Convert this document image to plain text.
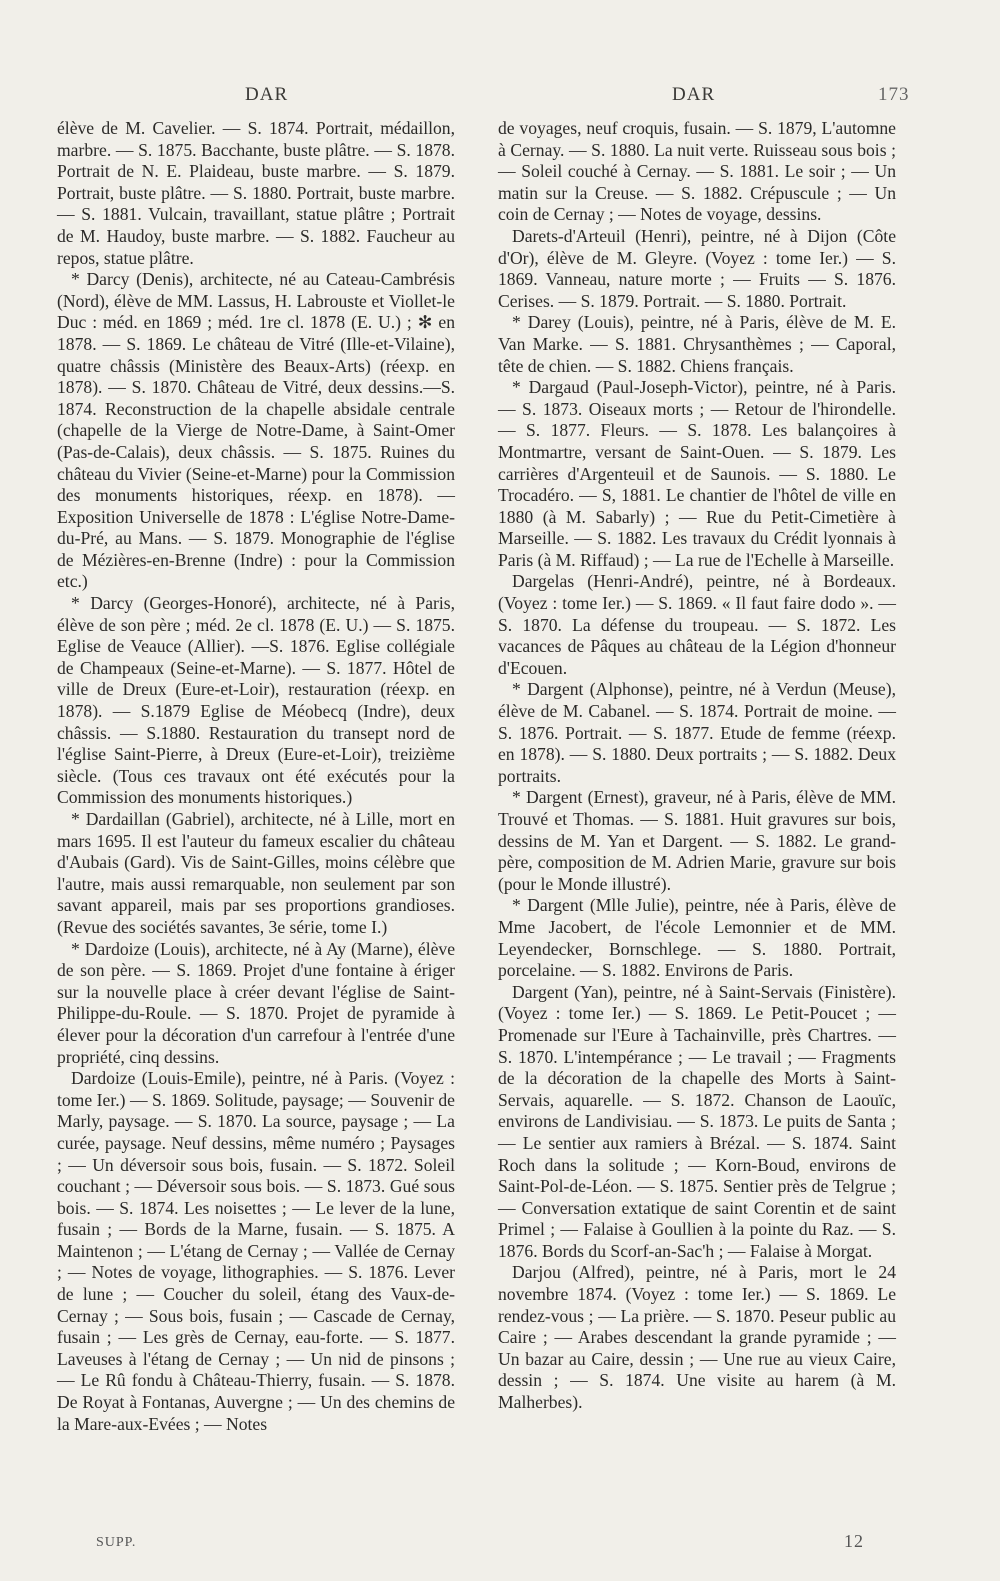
DAR	DAR	173

élève de M. Cavelier. — S. 1874. Portrait, médaillon, marbre. — S. 1875. Bacchante, buste plâtre. — S. 1878. Portrait de N. E. Plaideau, buste marbre. — S. 1879. Portrait, buste plâtre. — S. 1880. Portrait, buste marbre. — S. 1881. Vulcain, travaillant, statue plâtre ; Portrait de M. Haudoy, buste marbre. — S. 1882. Faucheur au repos, statue plâtre.

* Darcy (Denis), architecte, né au Cateau-Cambrésis (Nord), élève de MM. Lassus, H. Labrouste et Viollet-le Duc : méd. en 1869 ; méd. 1re cl. 1878 (E. U.) ; ✻ en 1878. — S. 1869. Le château de Vitré (Ille-et-Vilaine), quatre châssis (Ministère des Beaux-Arts) (réexp. en 1878). — S. 1870. Château de Vitré, deux dessins.—S. 1874. Reconstruction de la chapelle absidale centrale (chapelle de la Vierge de Notre-Dame, à Saint-Omer (Pas-de-Calais), deux châssis. — S. 1875. Ruines du château du Vivier (Seine-et-Marne) pour la Commission des monuments historiques, réexp. en 1878). — Exposition Universelle de 1878 : L'église Notre-Dame-du-Pré, au Mans. — S. 1879. Monographie de l'église de Mézières-en-Brenne (Indre) : pour la Commission etc.)

* Darcy (Georges-Honoré), architecte, né à Paris, élève de son père ; méd. 2e cl. 1878 (E. U.) — S. 1875. Eglise de Veauce (Allier). —S. 1876. Eglise collégiale de Champeaux (Seine-et-Marne). — S. 1877. Hôtel de ville de Dreux (Eure-et-Loir), restauration (réexp. en 1878). — S.1879 Eglise de Méobecq (Indre), deux châssis. — S.1880. Restauration du transept nord de l'église Saint-Pierre, à Dreux (Eure-et-Loir), treizième siècle. (Tous ces travaux ont été exécutés pour la Commission des monuments historiques.)

* Dardaillan (Gabriel), architecte, né à Lille, mort en mars 1695. Il est l'auteur du fameux escalier du château d'Aubais (Gard). Vis de Saint-Gilles, moins célèbre que l'autre, mais aussi remarquable, non seulement par son savant appareil, mais par ses proportions grandioses. (Revue des sociétés savantes, 3e série, tome I.)

* Dardoize (Louis), architecte, né à Ay (Marne), élève de son père. — S. 1869. Projet d'une fontaine à ériger sur la nouvelle place à créer devant l'église de Saint-Philippe-du-Roule. — S. 1870. Projet de pyramide à élever pour la décoration d'un carrefour à l'entrée d'une propriété, cinq dessins.

Dardoize (Louis-Emile), peintre, né à Paris. (Voyez : tome Ier.) — S. 1869. Solitude, paysage; — Souvenir de Marly, paysage. — S. 1870. La source, paysage ; — La curée, paysage. Neuf dessins, même numéro ; Paysages ; — Un déversoir sous bois, fusain. — S. 1872. Soleil couchant ; — Déversoir sous bois. — S. 1873. Gué sous bois. — S. 1874. Les noisettes ; — Le lever de la lune, fusain ; — Bords de la Marne, fusain. — S. 1875. A Maintenon ; — L'étang de Cernay ; — Vallée de Cernay ; — Notes de voyage, lithographies. — S. 1876. Lever de lune ; — Coucher du soleil, étang des Vaux-de-Cernay ; — Sous bois, fusain ; — Cascade de Cernay, fusain ; — Les grès de Cernay, eau-forte. — S. 1877. Laveuses à l'étang de Cernay ; — Un nid de pinsons ; — Le Rû fondu à Château-Thierry, fusain. — S. 1878. De Royat à Fontanas, Auvergne ; — Un des chemins de la Mare-aux-Evées ; — Notes

de voyages, neuf croquis, fusain. — S. 1879, L'automne à Cernay. — S. 1880. La nuit verte. Ruisseau sous bois ; — Soleil couché à Cernay. — S. 1881. Le soir ; — Un matin sur la Creuse. — S. 1882. Crépuscule ; — Un coin de Cernay ; — Notes de voyage, dessins.

Darets-d'Arteuil (Henri), peintre, né à Dijon (Côte d'Or), élève de M. Gleyre. (Voyez : tome Ier.) — S. 1869. Vanneau, nature morte ; — Fruits — S. 1876. Cerises. — S. 1879. Portrait. — S. 1880. Portrait.

* Darey (Louis), peintre, né à Paris, élève de M. E. Van Marke. — S. 1881. Chrysanthèmes ; — Caporal, tête de chien. — S. 1882. Chiens français.

* Dargaud (Paul-Joseph-Victor), peintre, né à Paris. — S. 1873. Oiseaux morts ; — Retour de l'hirondelle. — S. 1877. Fleurs. — S. 1878. Les balançoires à Montmartre, versant de Saint-Ouen. — S. 1879. Les carrières d'Argenteuil et de Saunois. — S. 1880. Le Trocadéro. — S, 1881. Le chantier de l'hôtel de ville en 1880 (à M. Sabarly) ; — Rue du Petit-Cimetière à Marseille. — S. 1882. Les travaux du Crédit lyonnais à Paris (à M. Riffaud) ; — La rue de l'Echelle à Marseille.

Dargelas (Henri-André), peintre, né à Bordeaux. (Voyez : tome Ier.) — S. 1869. « Il faut faire dodo ». — S. 1870. La défense du troupeau. — S. 1872. Les vacances de Pâques au château de la Légion d'honneur d'Ecouen.

* Dargent (Alphonse), peintre, né à Verdun (Meuse), élève de M. Cabanel. — S. 1874. Portrait de moine. — S. 1876. Portrait. — S. 1877. Etude de femme (réexp. en 1878). — S. 1880. Deux portraits ; — S. 1882. Deux portraits.

* Dargent (Ernest), graveur, né à Paris, élève de MM. Trouvé et Thomas. — S. 1881. Huit gravures sur bois, dessins de M. Yan et Dargent. — S. 1882. Le grand-père, composition de M. Adrien Marie, gravure sur bois (pour le Monde illustré).

* Dargent (Mlle Julie), peintre, née à Paris, élève de Mme Jacobert, de l'école Lemonnier et de MM. Leyendecker, Bornschlege. — S. 1880. Portrait, porcelaine. — S. 1882. Environs de Paris.

Dargent (Yan), peintre, né à Saint-Servais (Finistère). (Voyez : tome Ier.) — S. 1869. Le Petit-Poucet ; — Promenade sur l'Eure à Tachainville, près Chartres. — S. 1870. L'intempérance ; — Le travail ; — Fragments de la décoration de la chapelle des Morts à Saint-Servais, aquarelle. — S. 1872. Chanson de Laouïc, environs de Landivisiau. — S. 1873. Le puits de Santa ; — Le sentier aux ramiers à Brézal. — S. 1874. Saint Roch dans la solitude ; — Korn-Boud, environs de Saint-Pol-de-Léon. — S. 1875. Sentier près de Telgrue ; — Conversation extatique de saint Corentin et de saint Primel ; — Falaise à Goullien à la pointe du Raz. — S. 1876. Bords du Scorf-an-Sac'h ; — Falaise à Morgat.

Darjou (Alfred), peintre, né à Paris, mort le 24 novembre 1874. (Voyez : tome Ier.) — S. 1869. Le rendez-vous ; — La prière. — S. 1870. Peseur public au Caire ; — Arabes descendant la grande pyramide ; — Un bazar au Caire, dessin ; — Une rue au vieux Caire, dessin ; — S. 1874. Une visite au harem (à M. Malherbes).

SUPP.	12
